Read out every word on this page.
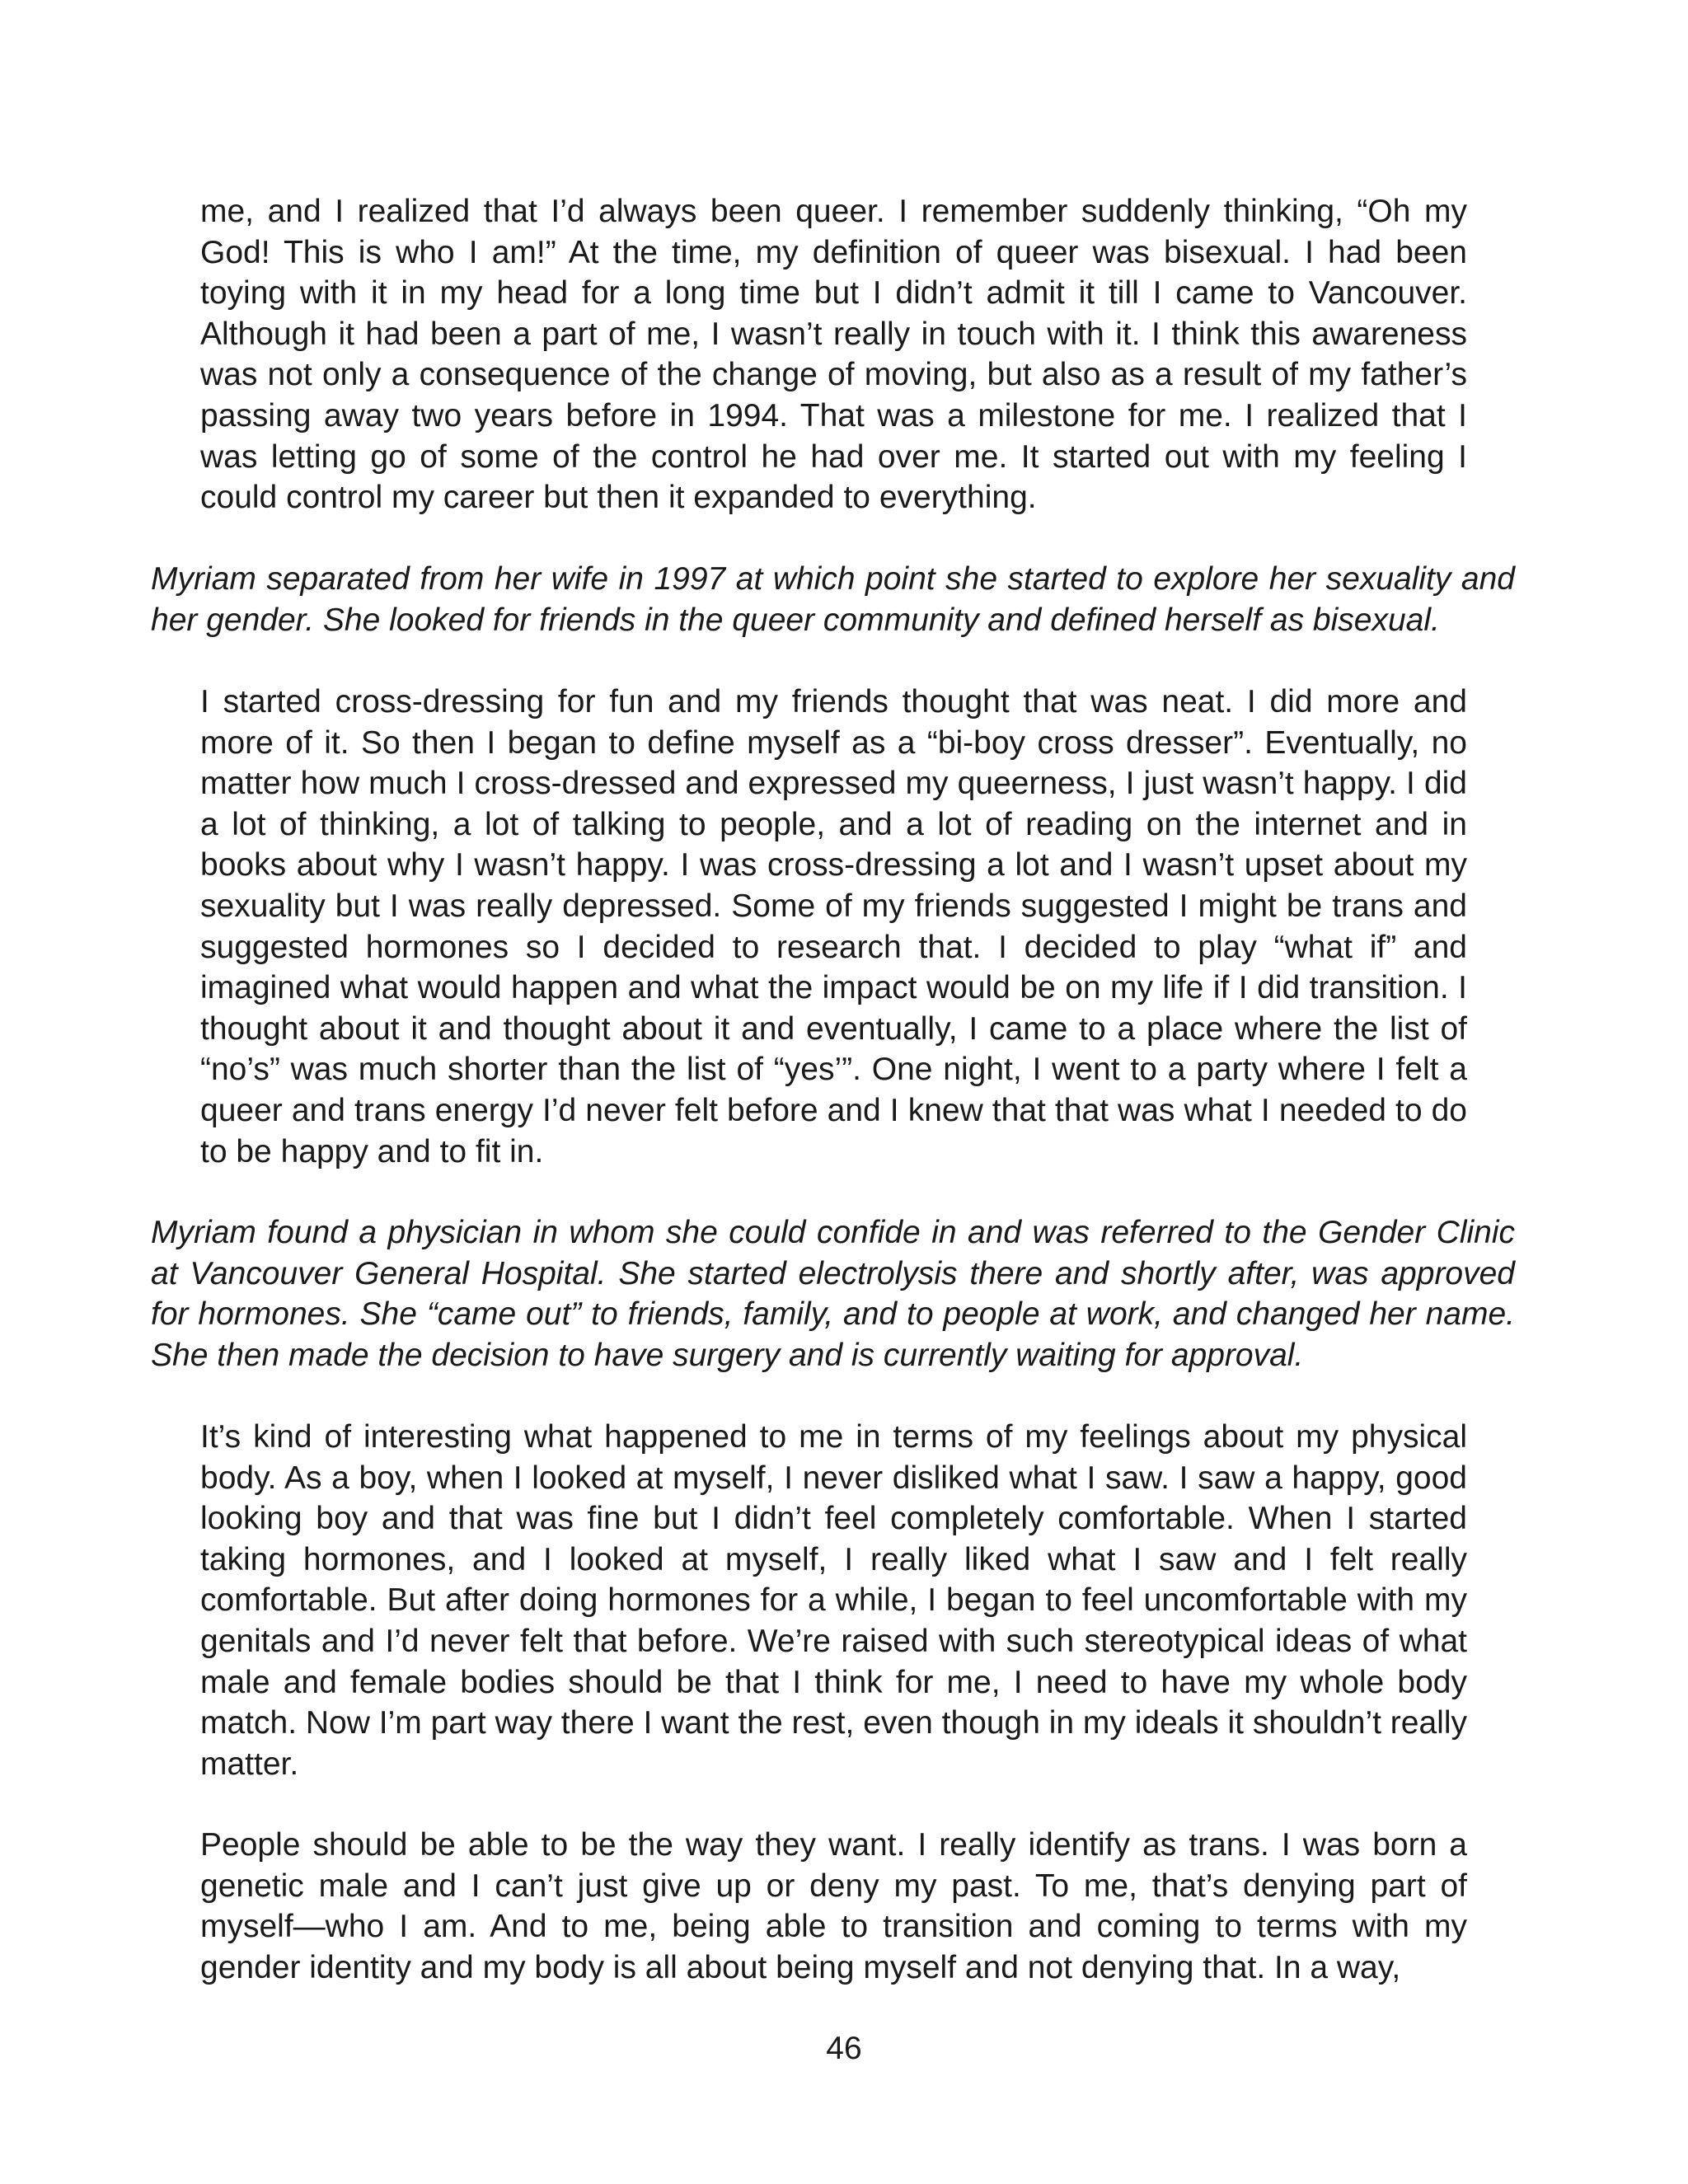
me, and I realized that I’d always been queer. I remember suddenly thinking, “Oh my God! This is who I am!” At the time, my definition of queer was bisexual. I had been toying with it in my head for a long time but I didn’t admit it till I came to Vancouver. Although it had been a part of me, I wasn’t really in touch with it. I think this awareness was not only a consequence of the change of moving, but also as a result of my father’s passing away two years before in 1994. That was a milestone for me. I realized that I was letting go of some of the control he had over me. It started out with my feeling I could control my career but then it expanded to everything.

Myriam separated from her wife in 1997 at which point she started to explore her sexuality and her gender. She looked for friends in the queer community and defined herself as bisexual.

I started cross-dressing for fun and my friends thought that was neat. I did more and more of it. So then I began to define myself as a “bi-boy cross dresser”. Eventually, no matter how much I cross-dressed and expressed my queerness, I just wasn’t happy. I did a lot of thinking, a lot of talking to people, and a lot of reading on the internet and in books about why I wasn’t happy. I was cross-dressing a lot and I wasn’t upset about my sexuality but I was really depressed. Some of my friends suggested I might be trans and suggested hormones so I decided to research that. I decided to play “what if” and imagined what would happen and what the impact would be on my life if I did transition. I thought about it and thought about it and eventually, I came to a place where the list of “no’s” was much shorter than the list of “yes’”. One night, I went to a party where I felt a queer and trans energy I’d never felt before and I knew that that was what I needed to do to be happy and to fit in.

Myriam found a physician in whom she could confide in and was referred to the Gender Clinic at Vancouver General Hospital. She started electrolysis there and shortly after, was approved for hormones. She “came out” to friends, family, and to people at work, and changed her name. She then made the decision to have surgery and is currently waiting for approval.

It’s kind of interesting what happened to me in terms of my feelings about my physical body. As a boy, when I looked at myself, I never disliked what I saw. I saw a happy, good looking boy and that was fine but I didn’t feel completely comfortable. When I started taking hormones, and I looked at myself, I really liked what I saw and I felt really comfortable. But after doing hormones for a while, I began to feel uncomfortable with my genitals and I’d never felt that before. We’re raised with such stereotypical ideas of what male and female bodies should be that I think for me, I need to have my whole body match. Now I’m part way there I want the rest, even though in my ideals it shouldn’t really matter.

People should be able to be the way they want. I really identify as trans. I was born a genetic male and I can’t just give up or deny my past. To me, that’s denying part of myself—who I am. And to me, being able to transition and coming to terms with my gender identity and my body is all about being myself and not denying that. In a way,

46
